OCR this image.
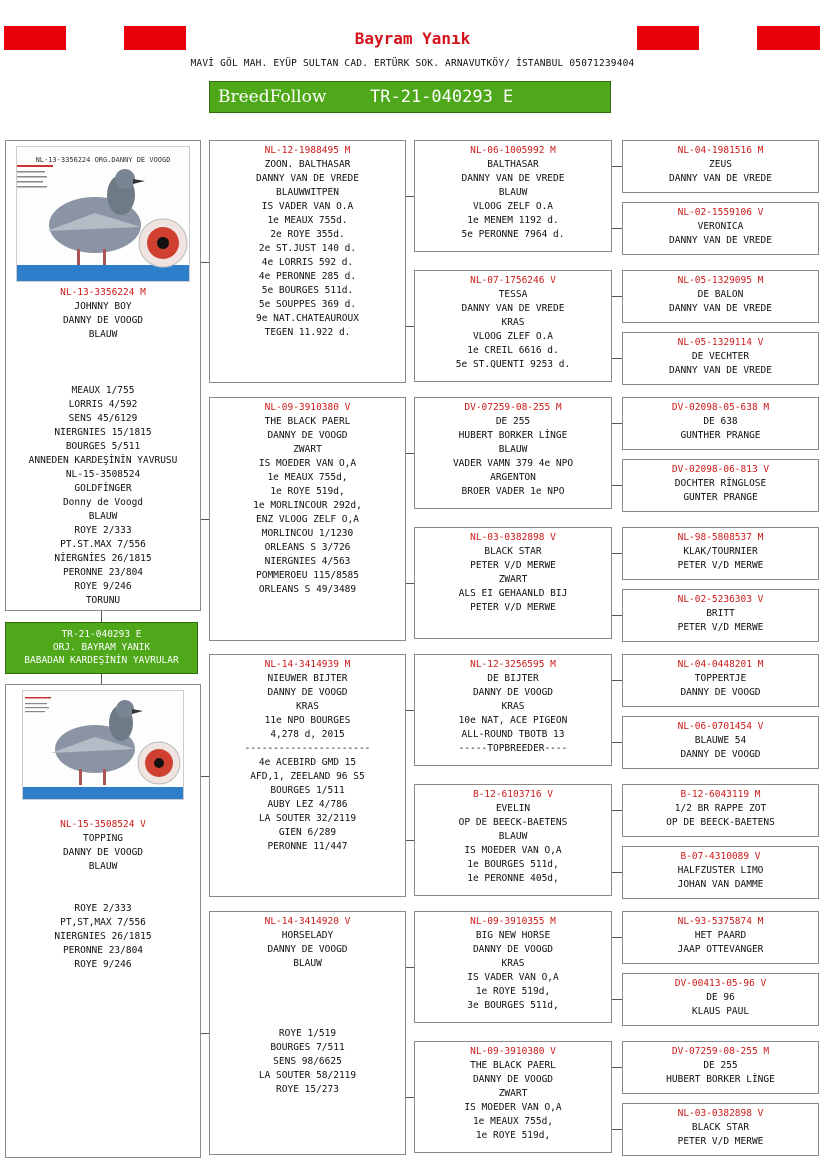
Bayram Yanık
MAVİ GÖL MAH. EYÜP SULTAN CAD. ERTÜRK SOK. ARNAVUTKÖY/ İSTANBUL 05071239404
BreedFollow	TR-21-040293 E
NL-13-3356224 ORG.DANNY DE VOOGD
NL-13-3356224 M
JOHNNY BOY
DANNY DE VOOGD
BLAUW

MEAUX 1/755
LORRIS 4/592
SENS 45/6129
NIERGNIES 15/1815
BOURGES 5/511
ANNEDEN KARDEŞİNİN YAVRUSU
NL-15-3508524
GOLDFİNGER
Donny de Voogd
BLAUW
ROYE 2/333
PT.ST.MAX 7/556
NİERGNİES 26/1815
PERONNE 23/804
ROYE 9/246
TORUNU
TR-21-040293 E
ORJ. BAYRAM YANIK
BABADAN KARDEŞİNİN YAVRULAR
NL-15-3508524 V
TOPPING
DANNY DE VOOGD
BLAUW

ROYE 2/333
PT,ST,MAX 7/556
NIERGNIES 26/1815
PERONNE 23/804
ROYE 9/246
NL-12-1988495 M
ZOON. BALTHASAR
DANNY VAN DE VREDE
BLAUWWITPEN
IS VADER VAN O.A
1e MEAUX 755d.
2e ROYE 355d.
2e ST.JUST 140 d.
4e LORRIS 592 d.
4e PERONNE 285 d.
5e BOURGES 511d.
5e SOUPPES 369 d.
9e NAT.CHATEAUROUX
TEGEN 11.922 d.
NL-09-3910380 V
THE BLACK PAERL
DANNY DE VOOGD
ZWART
IS MOEDER VAN O,A
1e MEAUX 755d,
1e ROYE 519d,
1e MORLINCOUR 292d,
ENZ VLOOG ZELF O,A
MORLINCOU 1/1230
ORLEANS S 3/726
NIERGNIES 4/563
POMMEROEU 115/8585
ORLEANS S 49/3489
NL-14-3414939 M
NIEUWER BIJTER
DANNY DE VOOGD
KRAS
11e NPO BOURGES
4,278 d, 2015
----------------------
4e ACEBIRD GMD 15
AFD,1, ZEELAND 96 S5
BOURGES 1/511
AUBY LEZ 4/786
LA SOUTER 32/2119
GIEN 6/289
PERONNE 11/447
NL-14-3414920 V
HORSELADY
DANNY DE VOOGD
BLAUW

ROYE 1/519
BOURGES 7/511
SENS 98/6625
LA SOUTER 58/2119
ROYE 15/273
NL-06-1005992 M
BALTHASAR
DANNY VAN DE VREDE
BLAUW
VLOOG ZELF O.A
1e MENEM 1192 d.
5e PERONNE 7964 d.
NL-07-1756246 V
TESSA
DANNY VAN DE VREDE
KRAS
VLOOG ZLEF O.A
1e CREIL 6616 d.
5e ST.QUENTI 9253 d.
DV-07259-08-255 M
DE 255
HUBERT BORKER LİNGE
BLAUW
VADER VAMN 379 4e NPO
ARGENTON
BROER VADER 1e NPO
NL-03-0382898 V
BLACK STAR
PETER V/D MERWE
ZWART
ALS EI GEHAANLD BIJ
PETER V/D MERWE
NL-12-3256595 M
DE BIJTER
DANNY DE VOOGD
KRAS
10e NAT, ACE PIGEON
ALL-ROUND TBOTB 13
-----TOPBREEDER----
B-12-6103716 V
EVELIN
OP DE BEECK-BAETENS
BLAUW
IS MOEDER VAN O,A
1e BOURGES 511d,
1e PERONNE 405d,
NL-09-3910355 M
BIG NEW HORSE
DANNY DE VOOGD
KRAS
IS VADER VAN O,A
1e ROYE 519d,
3e BOURGES 511d,
NL-09-3910380 V
THE BLACK PAERL
DANNY DE VOOGD
ZWART
IS MOEDER VAN O,A
1e MEAUX 755d,
1e ROYE 519d,
NL-04-1981516 M
ZEUS
DANNY VAN DE VREDE
NL-02-1559106 V
VERONICA
DANNY VAN DE VREDE
NL-05-1329095 M
DE BALON
DANNY VAN DE VREDE
NL-05-1329114 V
DE VECHTER
DANNY VAN DE VREDE
DV-02098-05-638 M
DE 638
GUNTHER PRANGE
DV-02098-06-813 V
DOCHTER RİNGLOSE
GUNTER PRANGE
NL-98-5808537 M
KLAK/TOURNIER
PETER V/D MERWE
NL-02-5236303 V
BRITT
PETER V/D MERWE
NL-04-0448201 M
TOPPERTJE
DANNY DE VOOGD
NL-06-0701454 V
BLAUWE 54
DANNY DE VOOGD
B-12-6043119 M
1/2 BR RAPPE ZOT
OP DE BEECK-BAETENS
B-07-4310089 V
HALFZUSTER LIMO
JOHAN VAN DAMME
NL-93-5375874 M
HET PAARD
JAAP OTTEVANGER
DV-00413-05-96 V
DE 96
KLAUS PAUL
DV-07259-08-255 M
DE 255
HUBERT BORKER LİNGE
NL-03-0382898 V
BLACK STAR
PETER V/D MERWE
